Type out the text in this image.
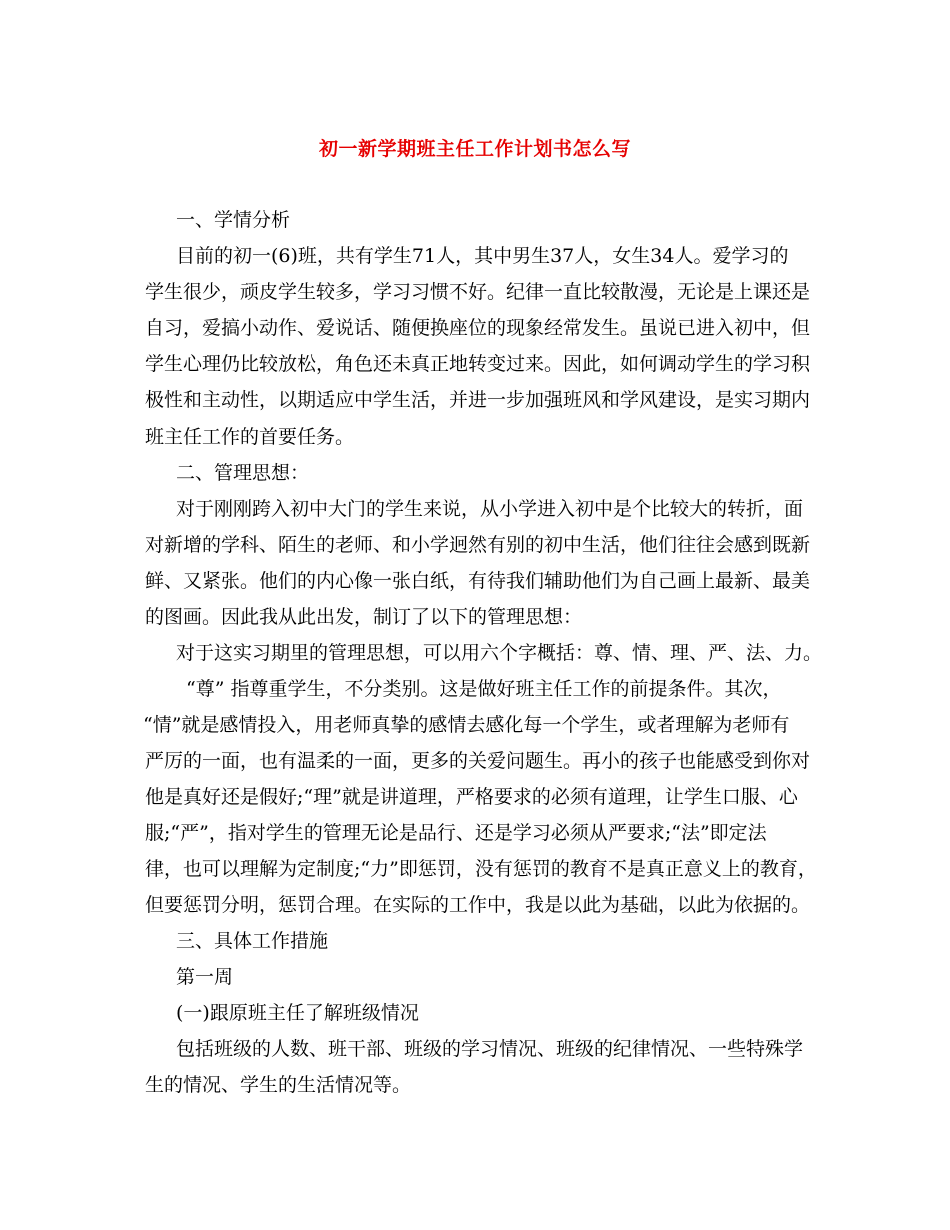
初一新学期班主任工作计划书怎么写
一、学情分析
目前的初一(6)班，共有学生71人，其中男生37人，女生34人。爱学习的
学生很少，顽皮学生较多，学习习惯不好。纪律一直比较散漫，无论是上课还是
自习，爱搞小动作、爱说话、随便换座位的现象经常发生。虽说已进入初中，但
学生心理仍比较放松，角色还未真正地转变过来。因此，如何调动学生的学习积
极性和主动性，以期适应中学生活，并进一步加强班风和学风建设，是实习期内
班主任工作的首要任务。
二、管理思想：
对于刚刚跨入初中大门的学生来说，从小学进入初中是个比较大的转折，面
对新增的学科、陌生的老师、和小学迥然有别的初中生活，他们往往会感到既新
鲜、又紧张。他们的内心像一张白纸，有待我们辅助他们为自己画上最新、最美
的图画。因此我从此出发，制订了以下的管理思想：
对于这实习期里的管理思想，可以用六个字概括：尊、情、理、严、法、力。
“尊” 指尊重学生，不分类别。这是做好班主任工作的前提条件。其次，
“情”就是感情投入，用老师真挚的感情去感化每一个学生，或者理解为老师有
严厉的一面，也有温柔的一面，更多的关爱问题生。再小的孩子也能感受到你对
他是真好还是假好;“理”就是讲道理，严格要求的必须有道理，让学生口服、心
服;“严”，指对学生的管理无论是品行、还是学习必须从严要求;“法”即定法
律，也可以理解为定制度;“力”即惩罚，没有惩罚的教育不是真正意义上的教育，
但要惩罚分明，惩罚合理。在实际的工作中，我是以此为基础，以此为依据的。
三、具体工作措施
第一周
(一)跟原班主任了解班级情况
包括班级的人数、班干部、班级的学习情况、班级的纪律情况、一些特殊学
生的情况、学生的生活情况等。
